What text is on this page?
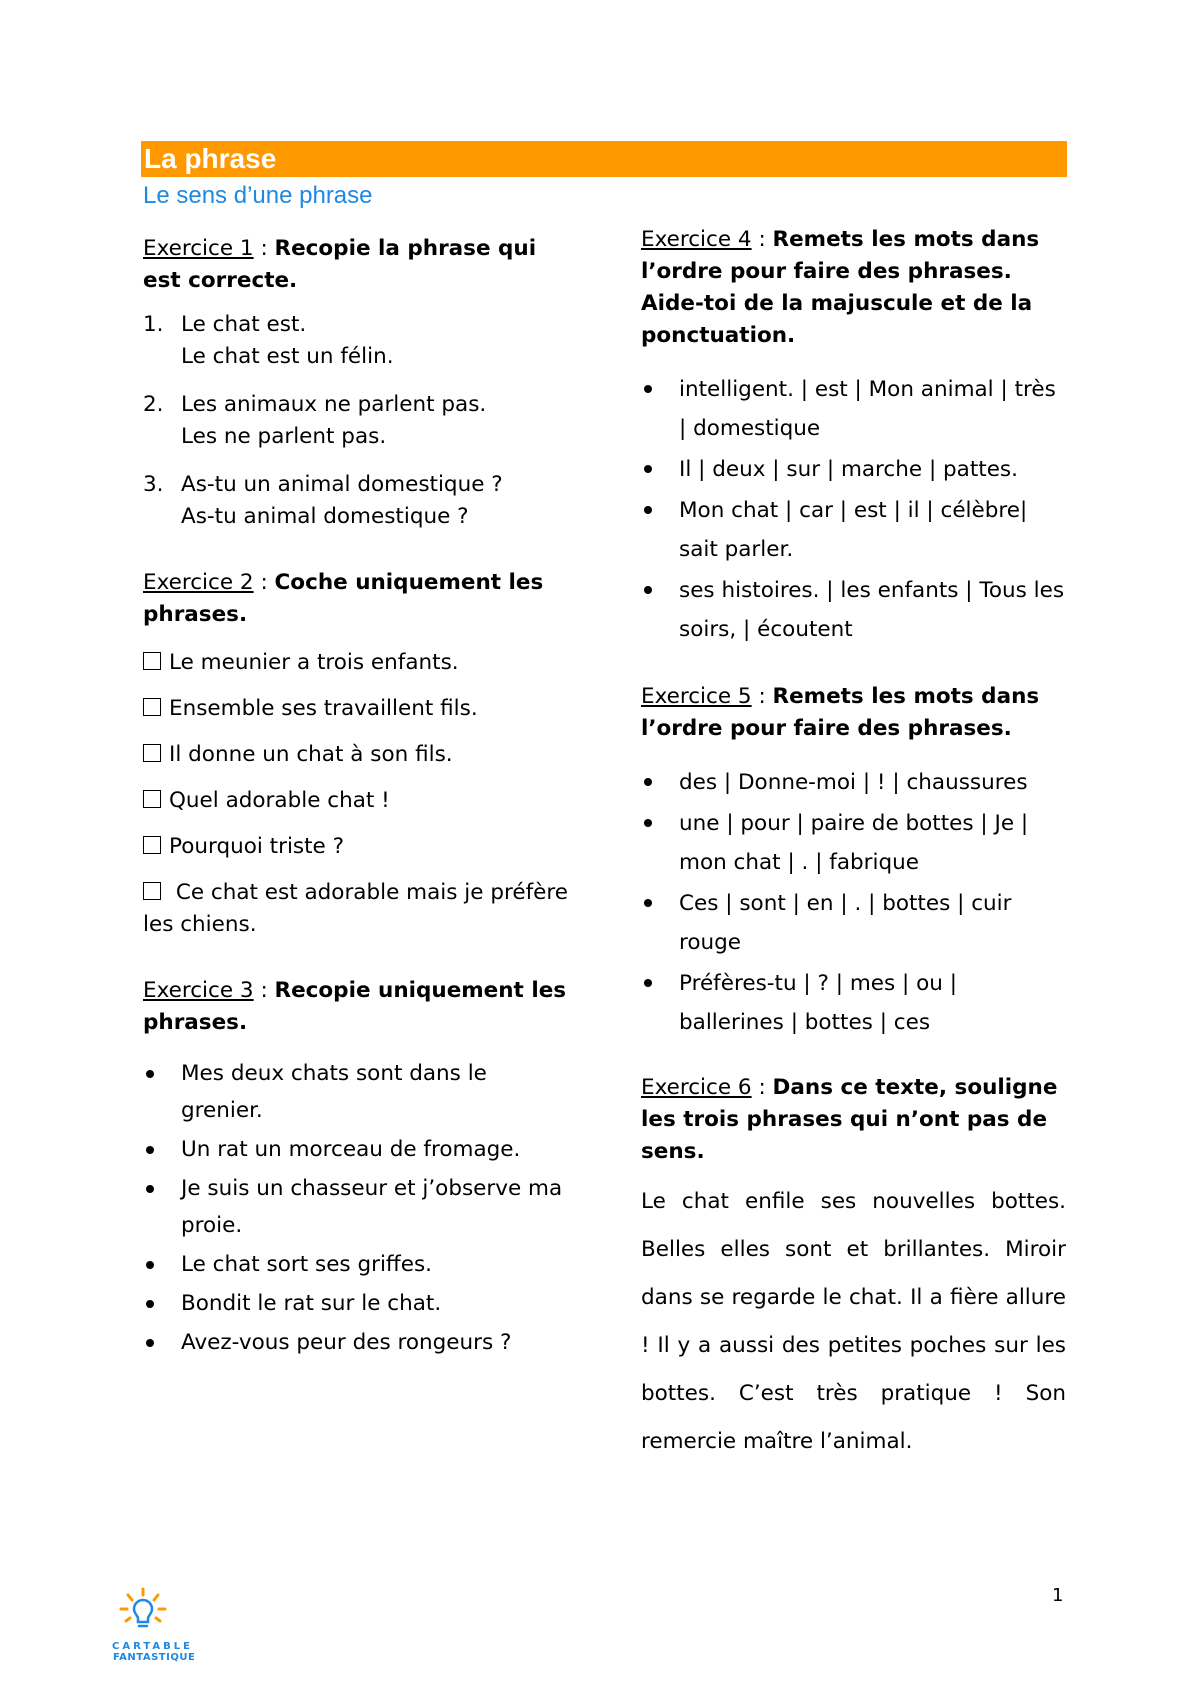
La phrase
Le sens d’une phrase

Exercice 1 : Recopie la phrase qui est correcte.

1. Le chat est.
Le chat est un félin.
2. Les animaux ne parlent pas.
Les ne parlent pas.
3. As-tu un animal domestique ?
As-tu animal domestique ?

Exercice 2 : Coche uniquement les phrases.

Le meunier a trois enfants.
Ensemble ses travaillent fils.
Il donne un chat à son fils.
Quel adorable chat !
Pourquoi triste ?
Ce chat est adorable mais je préfère les chiens.

Exercice 3 : Recopie uniquement les phrases.

Mes deux chats sont dans le grenier.
Un rat un morceau de fromage.
Je suis un chasseur et j’observe ma proie.
Le chat sort ses griffes.
Bondit le rat sur le chat.
Avez-vous peur des rongeurs ?

Exercice 4 : Remets les mots dans l’ordre pour faire des phrases. Aide-toi de la majuscule et de la ponctuation.

intelligent. | est | Mon animal | très | domestique
Il | deux | sur | marche | pattes.
Mon chat | car | est | il | célèbre| sait parler.
ses histoires. | les enfants | Tous les soirs, | écoutent

Exercice 5 : Remets les mots dans l’ordre pour faire des phrases.

des | Donne-moi | ! | chaussures
une | pour | paire de bottes | Je | mon chat | . | fabrique
Ces | sont | en | . | bottes | cuir rouge
Préfères-tu | ? | mes | ou | ballerines | bottes | ces

Exercice 6 : Dans ce texte, souligne les trois phrases qui n’ont pas de sens.

Le chat enfile ses nouvelles bottes. Belles elles sont et brillantes. Miroir dans se regarde le chat. Il a fière allure ! Il y a aussi des petites poches sur les bottes. C’est très pratique ! Son remercie maître l’animal.

CARTABLE
FANTASTIQUE
1
